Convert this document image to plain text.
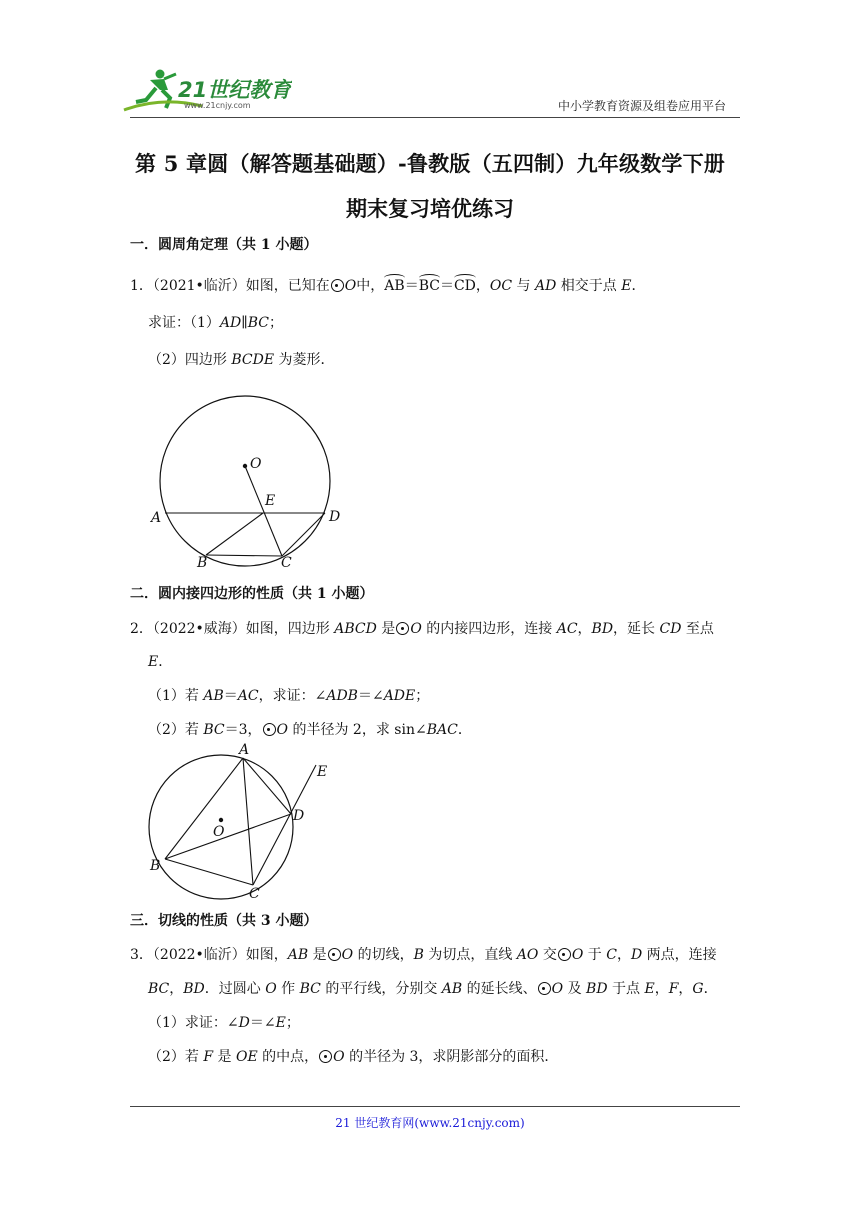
21世纪教育
www.21cnjy.com	中小学教育资源及组卷应用平台
第 5 章圆（解答题基础题）-鲁教版（五四制）九年级数学下册
期末复习培优练习
一．圆周角定理（共 1 小题）
1．（2021•临沂）如图，已知在 O中，AB＝BC＝CD，OC 与 AD 相交于点 E．
求证：（1）AD∥BC；
（2）四边形 BCDE 为菱形．
O
E
A	D
B	C
二．圆内接四边形的性质（共 1 小题）
2．（2022•威海）如图，四边形 ABCD 是 O 的内接四边形，连接 AC，BD，延长 CD 至点
E．
（1）若 AB＝AC，求证：∠ADB＝∠ADE；
（2）若 BC＝3， O 的半径为 2，求 sin∠BAC．
A
E
D
O
B
C
三．切线的性质（共 3 小题）
3．（2022•临沂）如图，AB 是 O 的切线，B 为切点，直线 AO 交 O 于 C，D 两点，连接
BC，BD．过圆心 O 作 BC 的平行线，分别交 AB 的延长线、 O 及 BD 于点 E，F，G．
（1）求证：∠D＝∠E；
（2）若 F 是 OE 的中点， O 的半径为 3，求阴影部分的面积．
21 世纪教育网(www.21cnjy.com)
